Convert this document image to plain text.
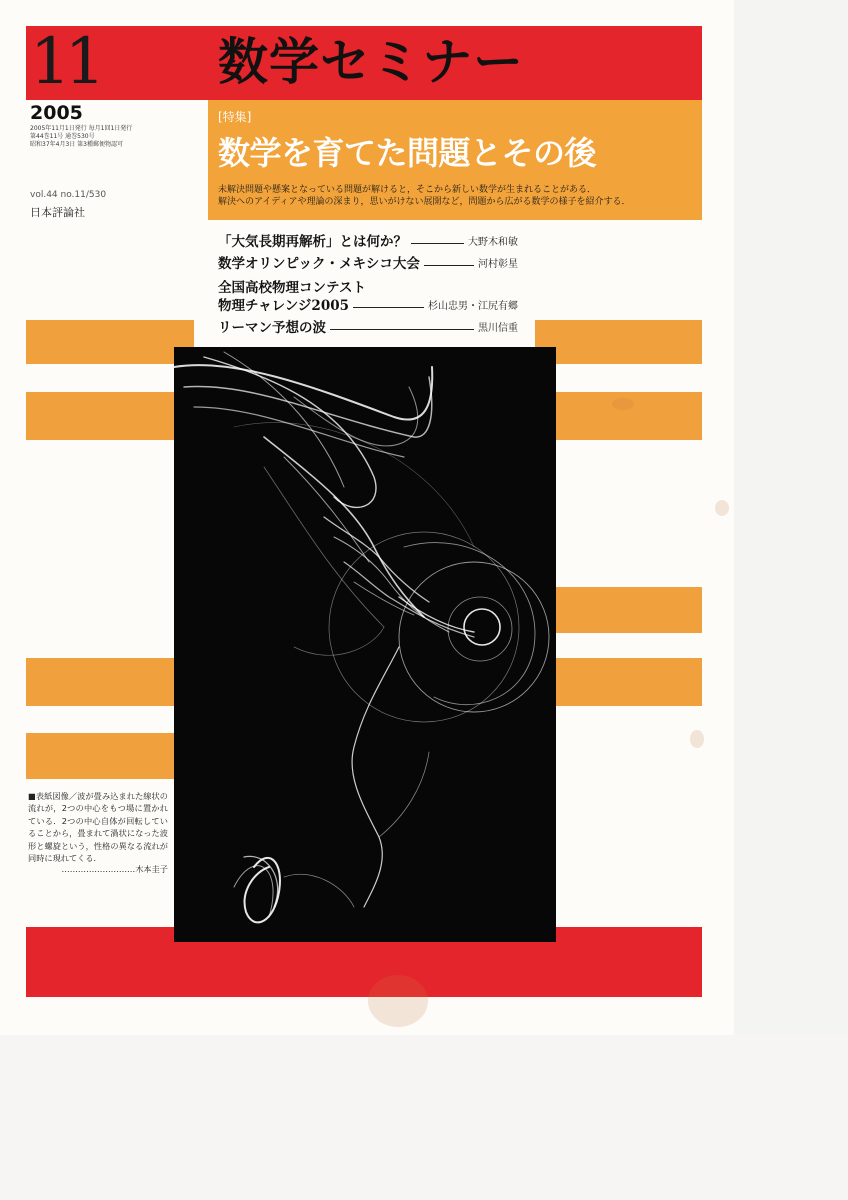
11 数学セミナー
2005
2005年11月1日発行 毎月1回1日発行
第44巻11号 通巻530号
昭和37年4月3日 第3種郵便物認可
vol.44 no.11/530
日本評論社
[特集]
数学を育てた問題とその後
未解決問題や懸案となっている問題が解けると，そこから新しい数学が生まれることがある．
解決へのアイディアや理論の深まり，思いがけない展開など，問題から広がる数学の様子を紹介する．
「大気長期再解析」とは何か？	大野木和敏
数学オリンピック・メキシコ大会	河村彰星
全国高校物理コンテスト
物理チャレンジ2005	杉山忠男・江尻有郷
リーマン予想の波	黒川信重
■表紙図像／波が畳み込まれた線状の流れが，2つの中心をもつ場に置かれている．2つの中心自体が回転していることから，畳まれて渦状になった波形と螺旋という，性格の異なる流れが同時に現れてくる．
………………………木本圭子
